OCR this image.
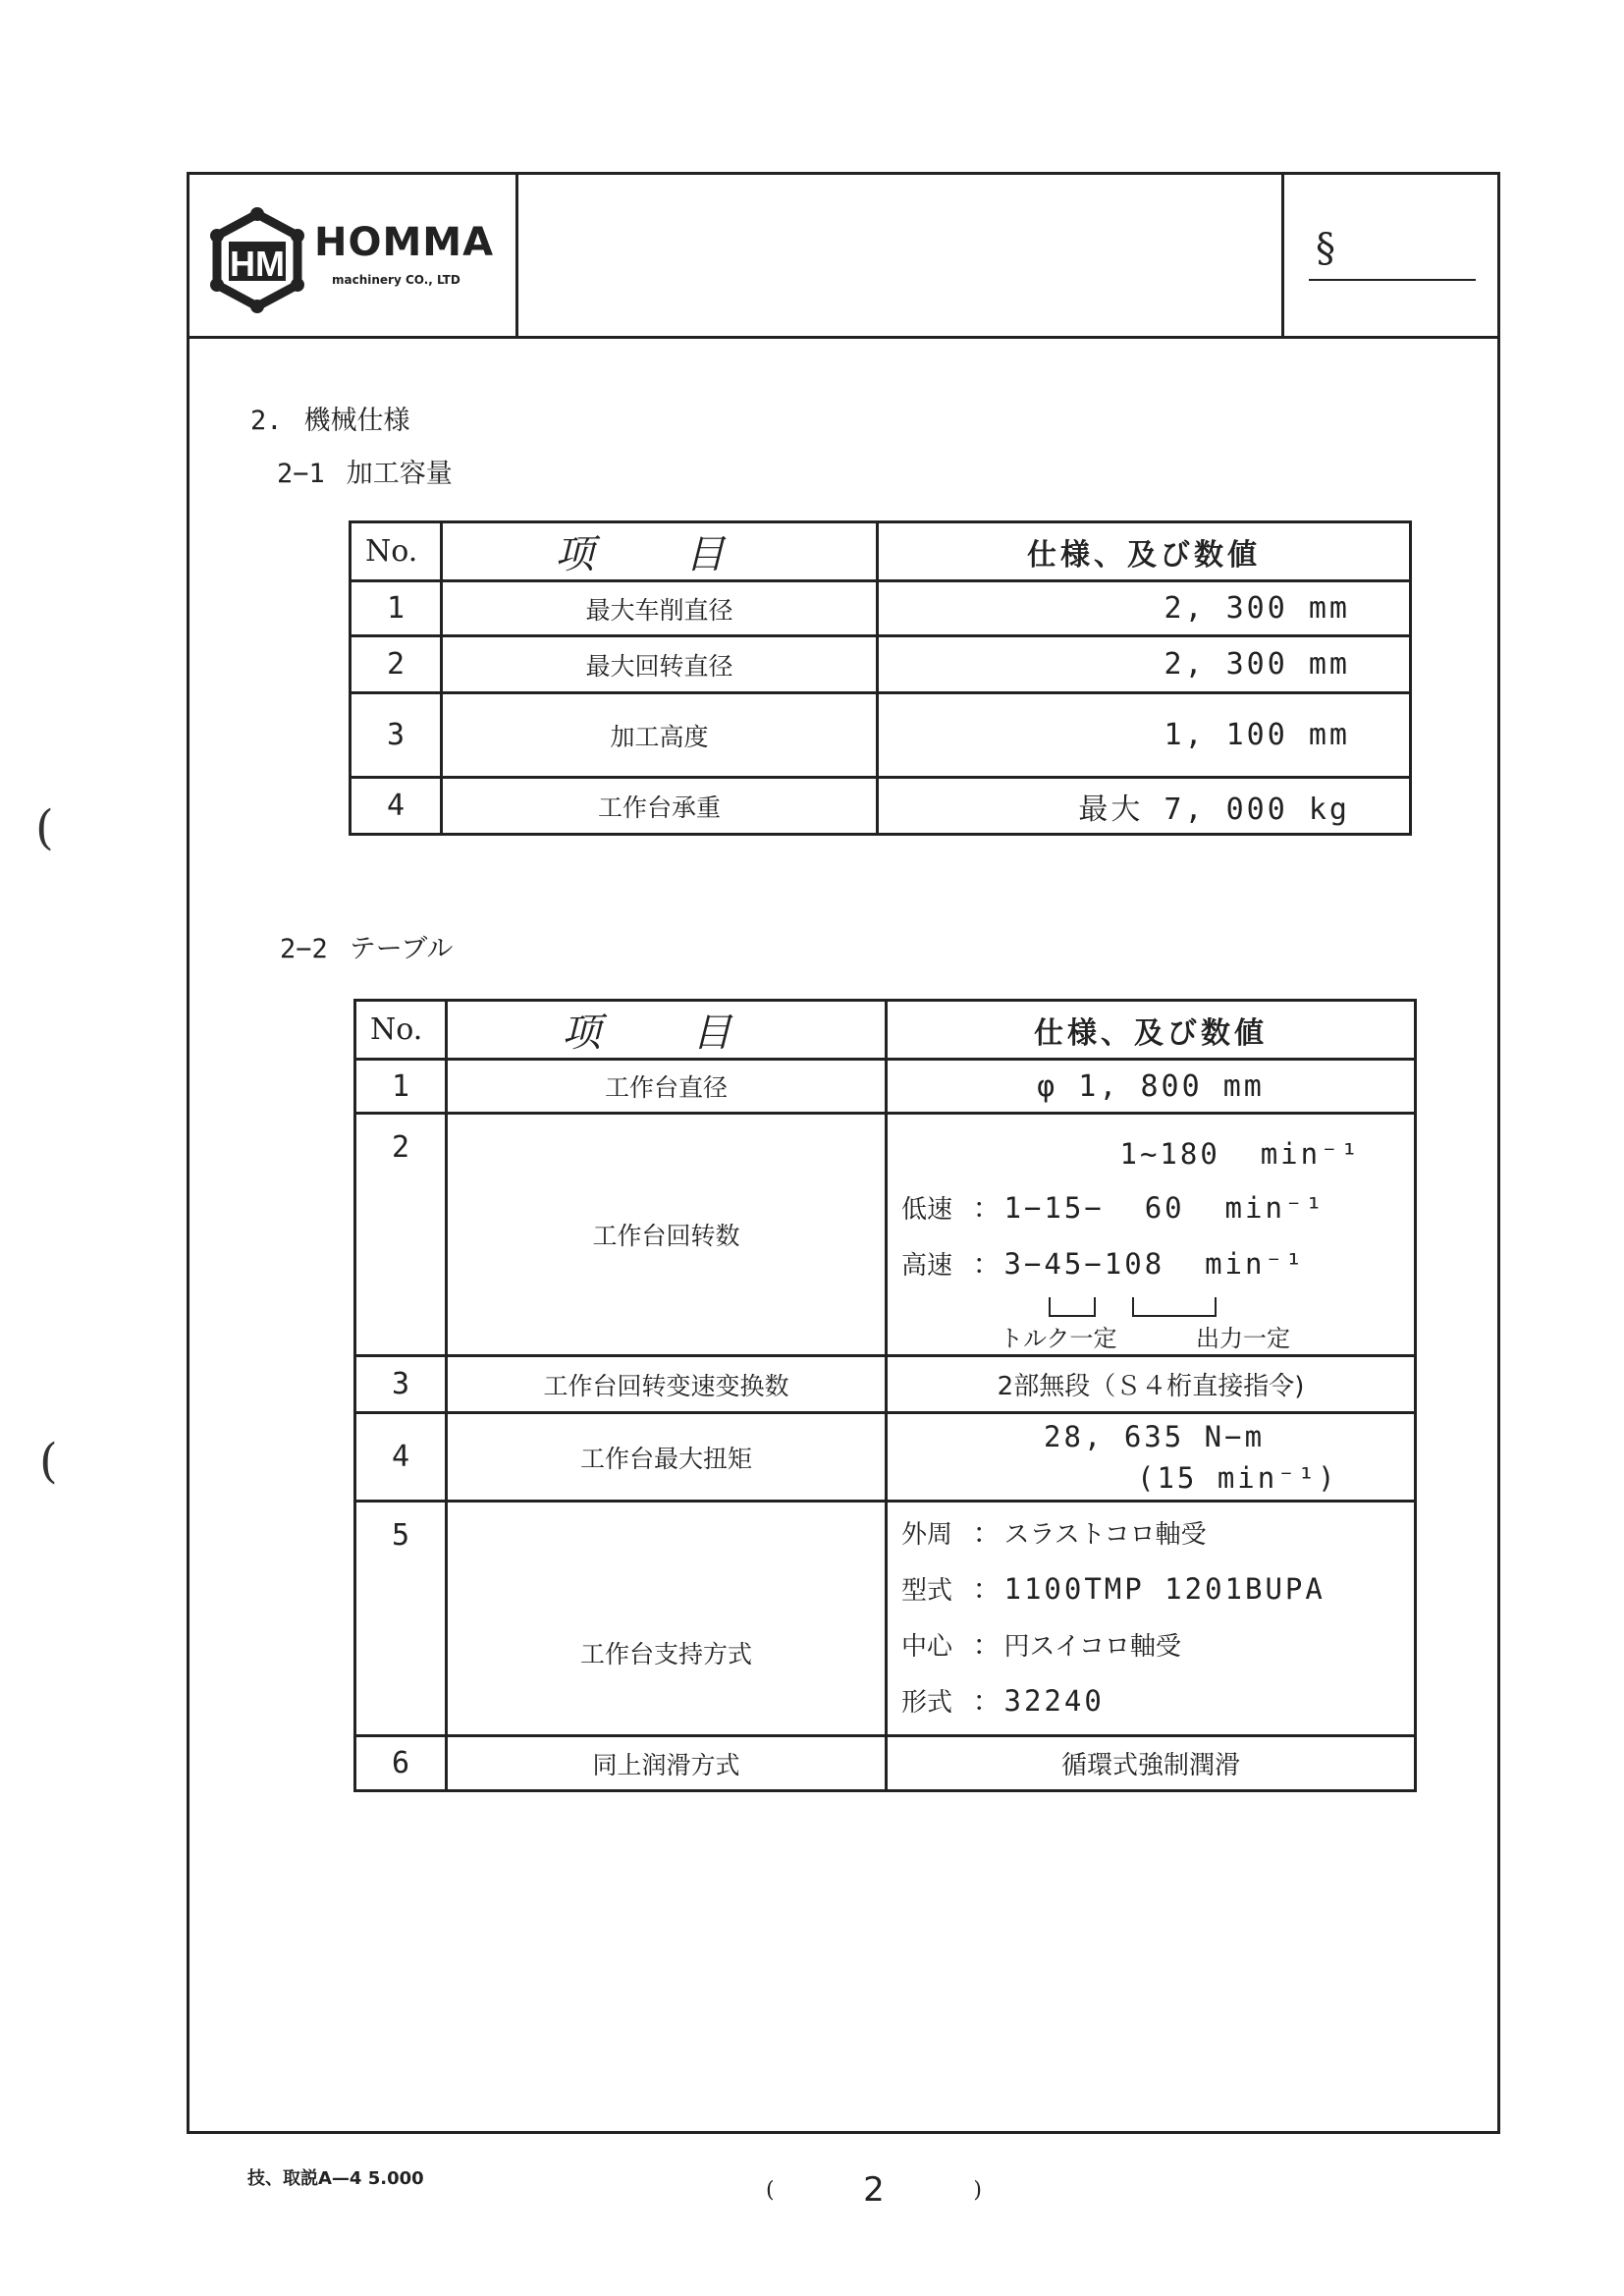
HM HOMMA
machinery CO., LTD
§
2. 機械仕様
2−1 加工容量
No.	项 目	仕様、及び数値
1	最大车削直径	2, 300 mm
2	最大回转直径	2, 300 mm
3	加工高度	1, 100 mm
4	工作台承重	最大 7, 000 kg
2−2 テーブル
No.	项 目	仕様、及び数値
1	工作台直径	φ 1, 800 mm
2	工作台回转数	1~180  min⁻¹
低速 ：1−15−  60  min⁻¹
高速 ：3−45−108  min⁻¹
トルク一定 出力一定

3	工作台回转变速变换数	2部無段（Ｓ４桁直接指令)
4	工作台最大扭矩	28, 635 N−m
(15 min⁻¹)

5	工作台支持方式	外周 ：スラストコロ軸受
型式 ：1100TMP 1201BUPA
中心 ：円スイコロ軸受
形式 ：32240

6	同上润滑方式	循環式強制潤滑
(
(
技、取説A—4 5.000	(	2	)
